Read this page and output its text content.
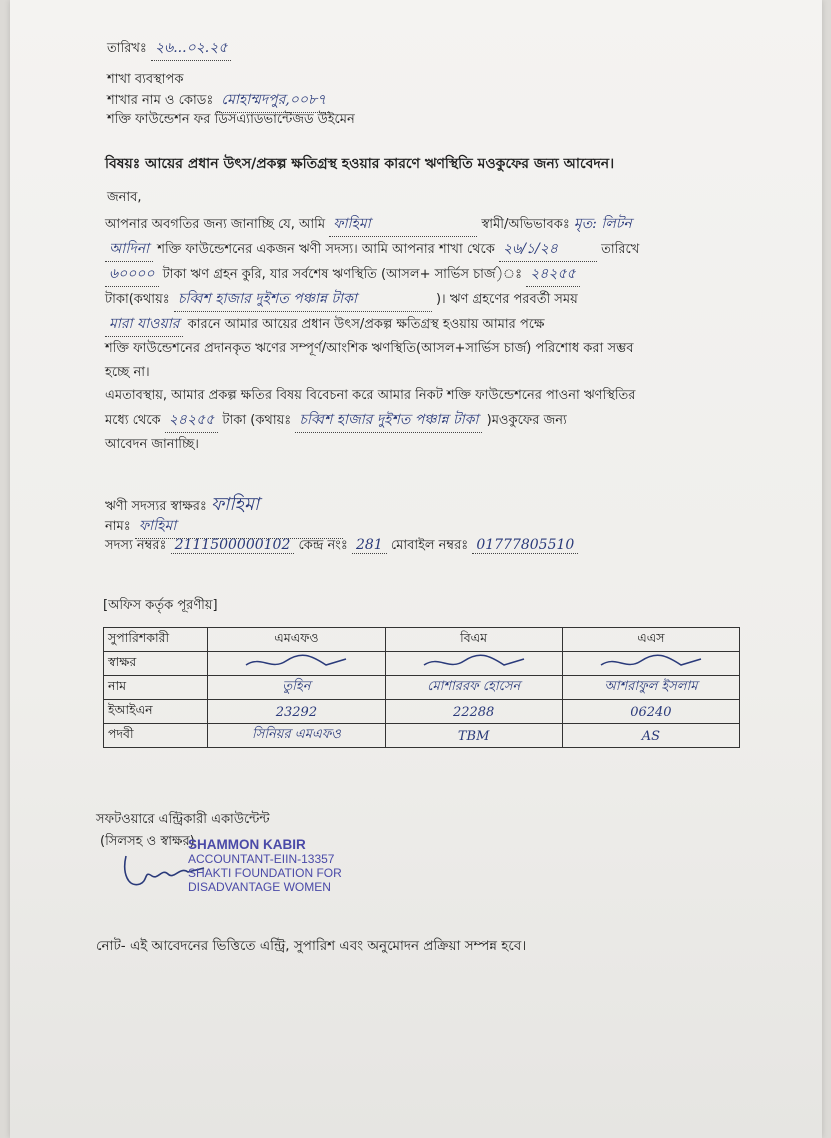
তারিখঃ ২৬...০২.২৫
শাখা ব্যবস্থাপক
শাখার নাম ও কোডঃ মোহাম্মদপুর,০০৮৭
শক্তি ফাউন্ডেশন ফর ডিসএ্যাডভান্টেজড উইমেন
বিষয়ঃ আয়ের প্রধান উৎস/প্রকল্প ক্ষতিগ্রস্থ হওয়ার কারণে ঋণস্থিতি মওকুফের জন্য আবেদন।
জনাব,
আপনার অবগতির জন্য জানাচ্ছি যে, আমি ফাহিমা	স্বামী/অভিভাবকঃ মৃত: লিটন
আদিনা শক্তি ফাউন্ডেশনের একজন ঋণী সদস্য। আমি আপনার শাখা থেকে ২৬/১/২৪	তারিখে
৬০০০০ টাকা ঋণ গ্রহন কুরি, যার সর্বশেষ ঋণস্থিতি (আসল+ সার্ভিস চার্জ)ঃ ২৪২৫৫
টাকা(কথায়ঃ চব্বিশ হাজার দুইশত পঞ্চান্ন টাকা	)। ঋণ গ্রহণের পরবর্তী সময়
মারা যাওয়ার কারনে আমার আয়ের প্রধান উৎস/প্রকল্প ক্ষতিগ্রস্থ হওয়ায় আমার পক্ষে
শক্তি ফাউন্ডেশনের প্রদানকৃত ঋণের সম্পূর্ণ/আংশিক ঋণস্থিতি(আসল+সার্ভিস চার্জ) পরিশোধ করা সম্ভব
হচ্ছে না।
এমতাবস্থায়, আমার প্রকল্প ক্ষতির বিষয় বিবেচনা করে আমার নিকট শক্তি ফাউন্ডেশনের পাওনা ঋণস্থিতির
মধ্যে থেকে ২৪২৫৫ টাকা (কথায়ঃ চব্বিশ হাজার দুইশত পঞ্চান্ন টাকা )মওকুফের জন্য
আবেদন জানাচ্ছি।
ঋণী সদস্যর স্বাক্ষরঃ ফাহিমা
নামঃ ফাহিমা
সদস্য নম্বরঃ 2111500000102 কেন্দ্র নংঃ 281 মোবাইল নম্বরঃ 01777805510
[অফিস কর্তৃক পূরণীয়]
সুপারিশকারী	এমএফও	বিএম	এএস
স্বাক্ষর			
নাম	তুহিন	মোশাররফ হোসেন	আশরাফুল ইসলাম
ইআইএন	23292	22288	06240
পদবী	সিনিয়র এমএফও	TBM	AS
সফটওয়ারে এন্ট্রিকারী একাউন্টেন্ট
(সিলসহ ও স্বাক্ষর)
SHAMMON KABIR
ACCOUNTANT-EIIN-13357
SHAKTI FOUNDATION FOR
DISADVANTAGE WOMEN
নোট- এই আবেদনের ভিত্তিতে এন্ট্রি, সুপারিশ এবং অনুমোদন প্রক্রিয়া সম্পন্ন হবে।
